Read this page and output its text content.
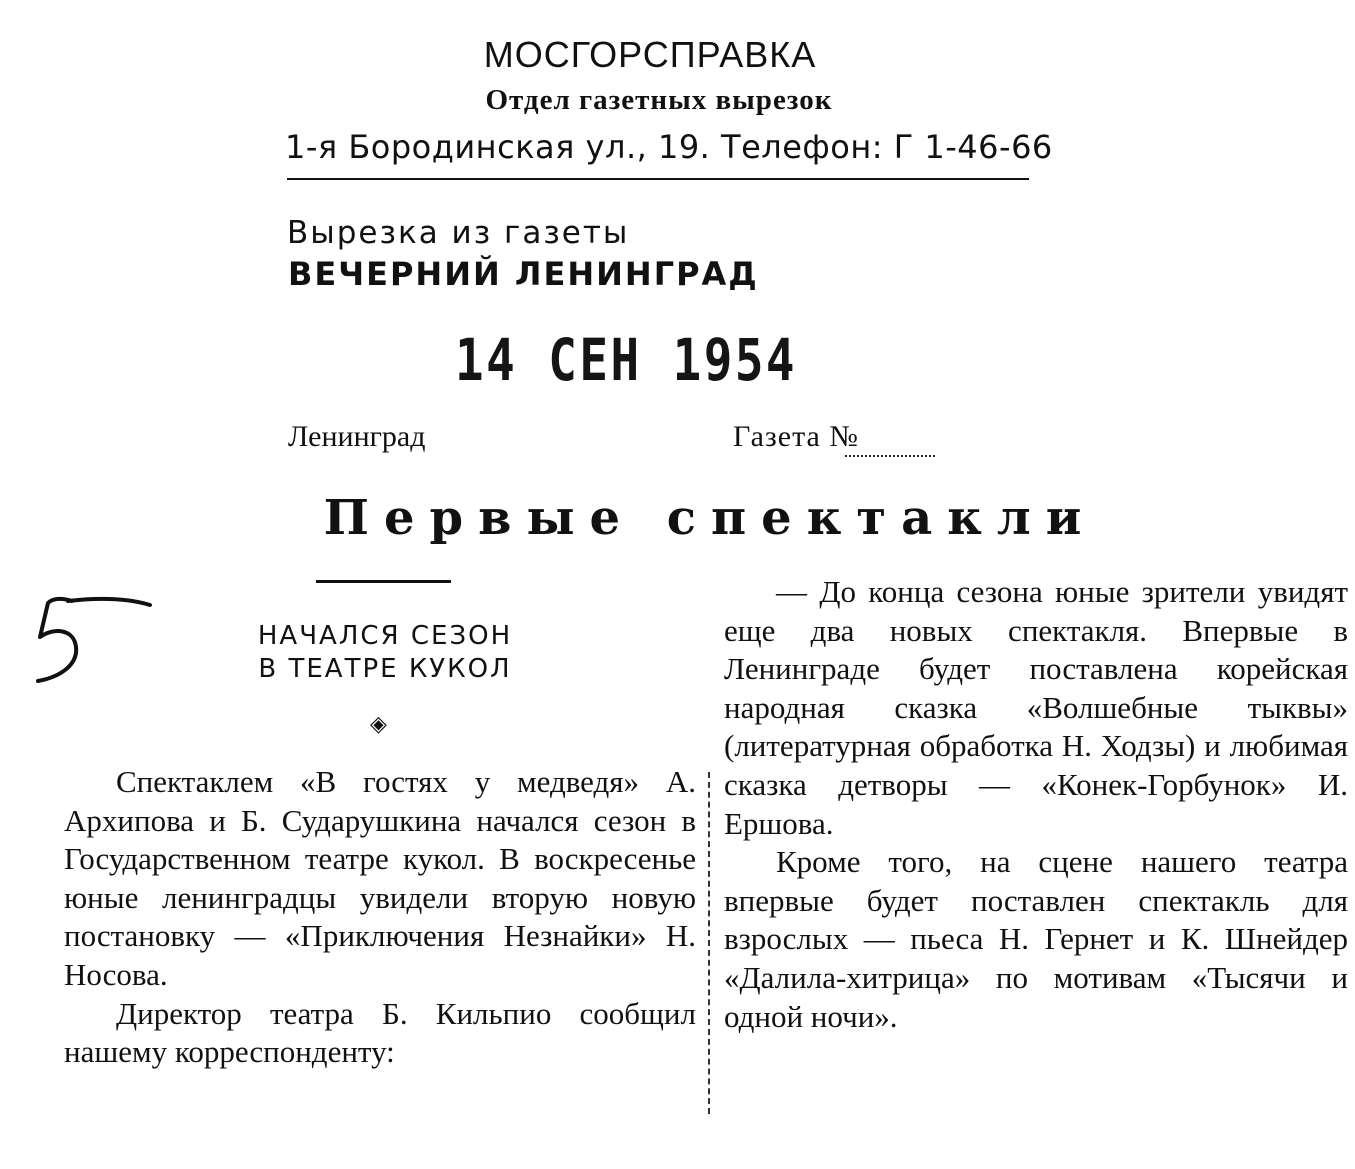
МОСГОРСПРАВКА
Отдел газетных вырезок
1-я Бородинская ул., 19. Телефон: Г 1-46-66
Вырезка из газеты
ВЕЧЕРНИЙ ЛЕНИНГРАД
14 СЕН 1954
Ленинград	Газета №
Первые спектакли
НАЧАЛСЯ СЕЗОН
В ТЕАТРЕ КУКОЛ
◈

Спектаклем «В гостях у медведя» А. Архипова и Б. Сударушкина начался сезон в Государственном театре кукол. В воскресенье юные ленинградцы увидели вторую новую постановку — «Приключения Незнайки» Н. Носова.

Директор театра Б. Кильпио сообщил нашему корреспонденту:

— До конца сезона юные зрители увидят еще два новых спектакля. Впервые в Ленинграде будет поставлена корейская народная сказка «Волшебные тыквы» (литературная обработка Н. Ходзы) и любимая сказка детворы — «Конек-Горбунок» И. Ершова.

Кроме того, на сцене нашего театра впервые будет поставлен спектакль для взрослых — пьеса Н. Гернет и К. Шнейдер «Далила-хитрица» по мотивам «Тысячи и одной ночи».
